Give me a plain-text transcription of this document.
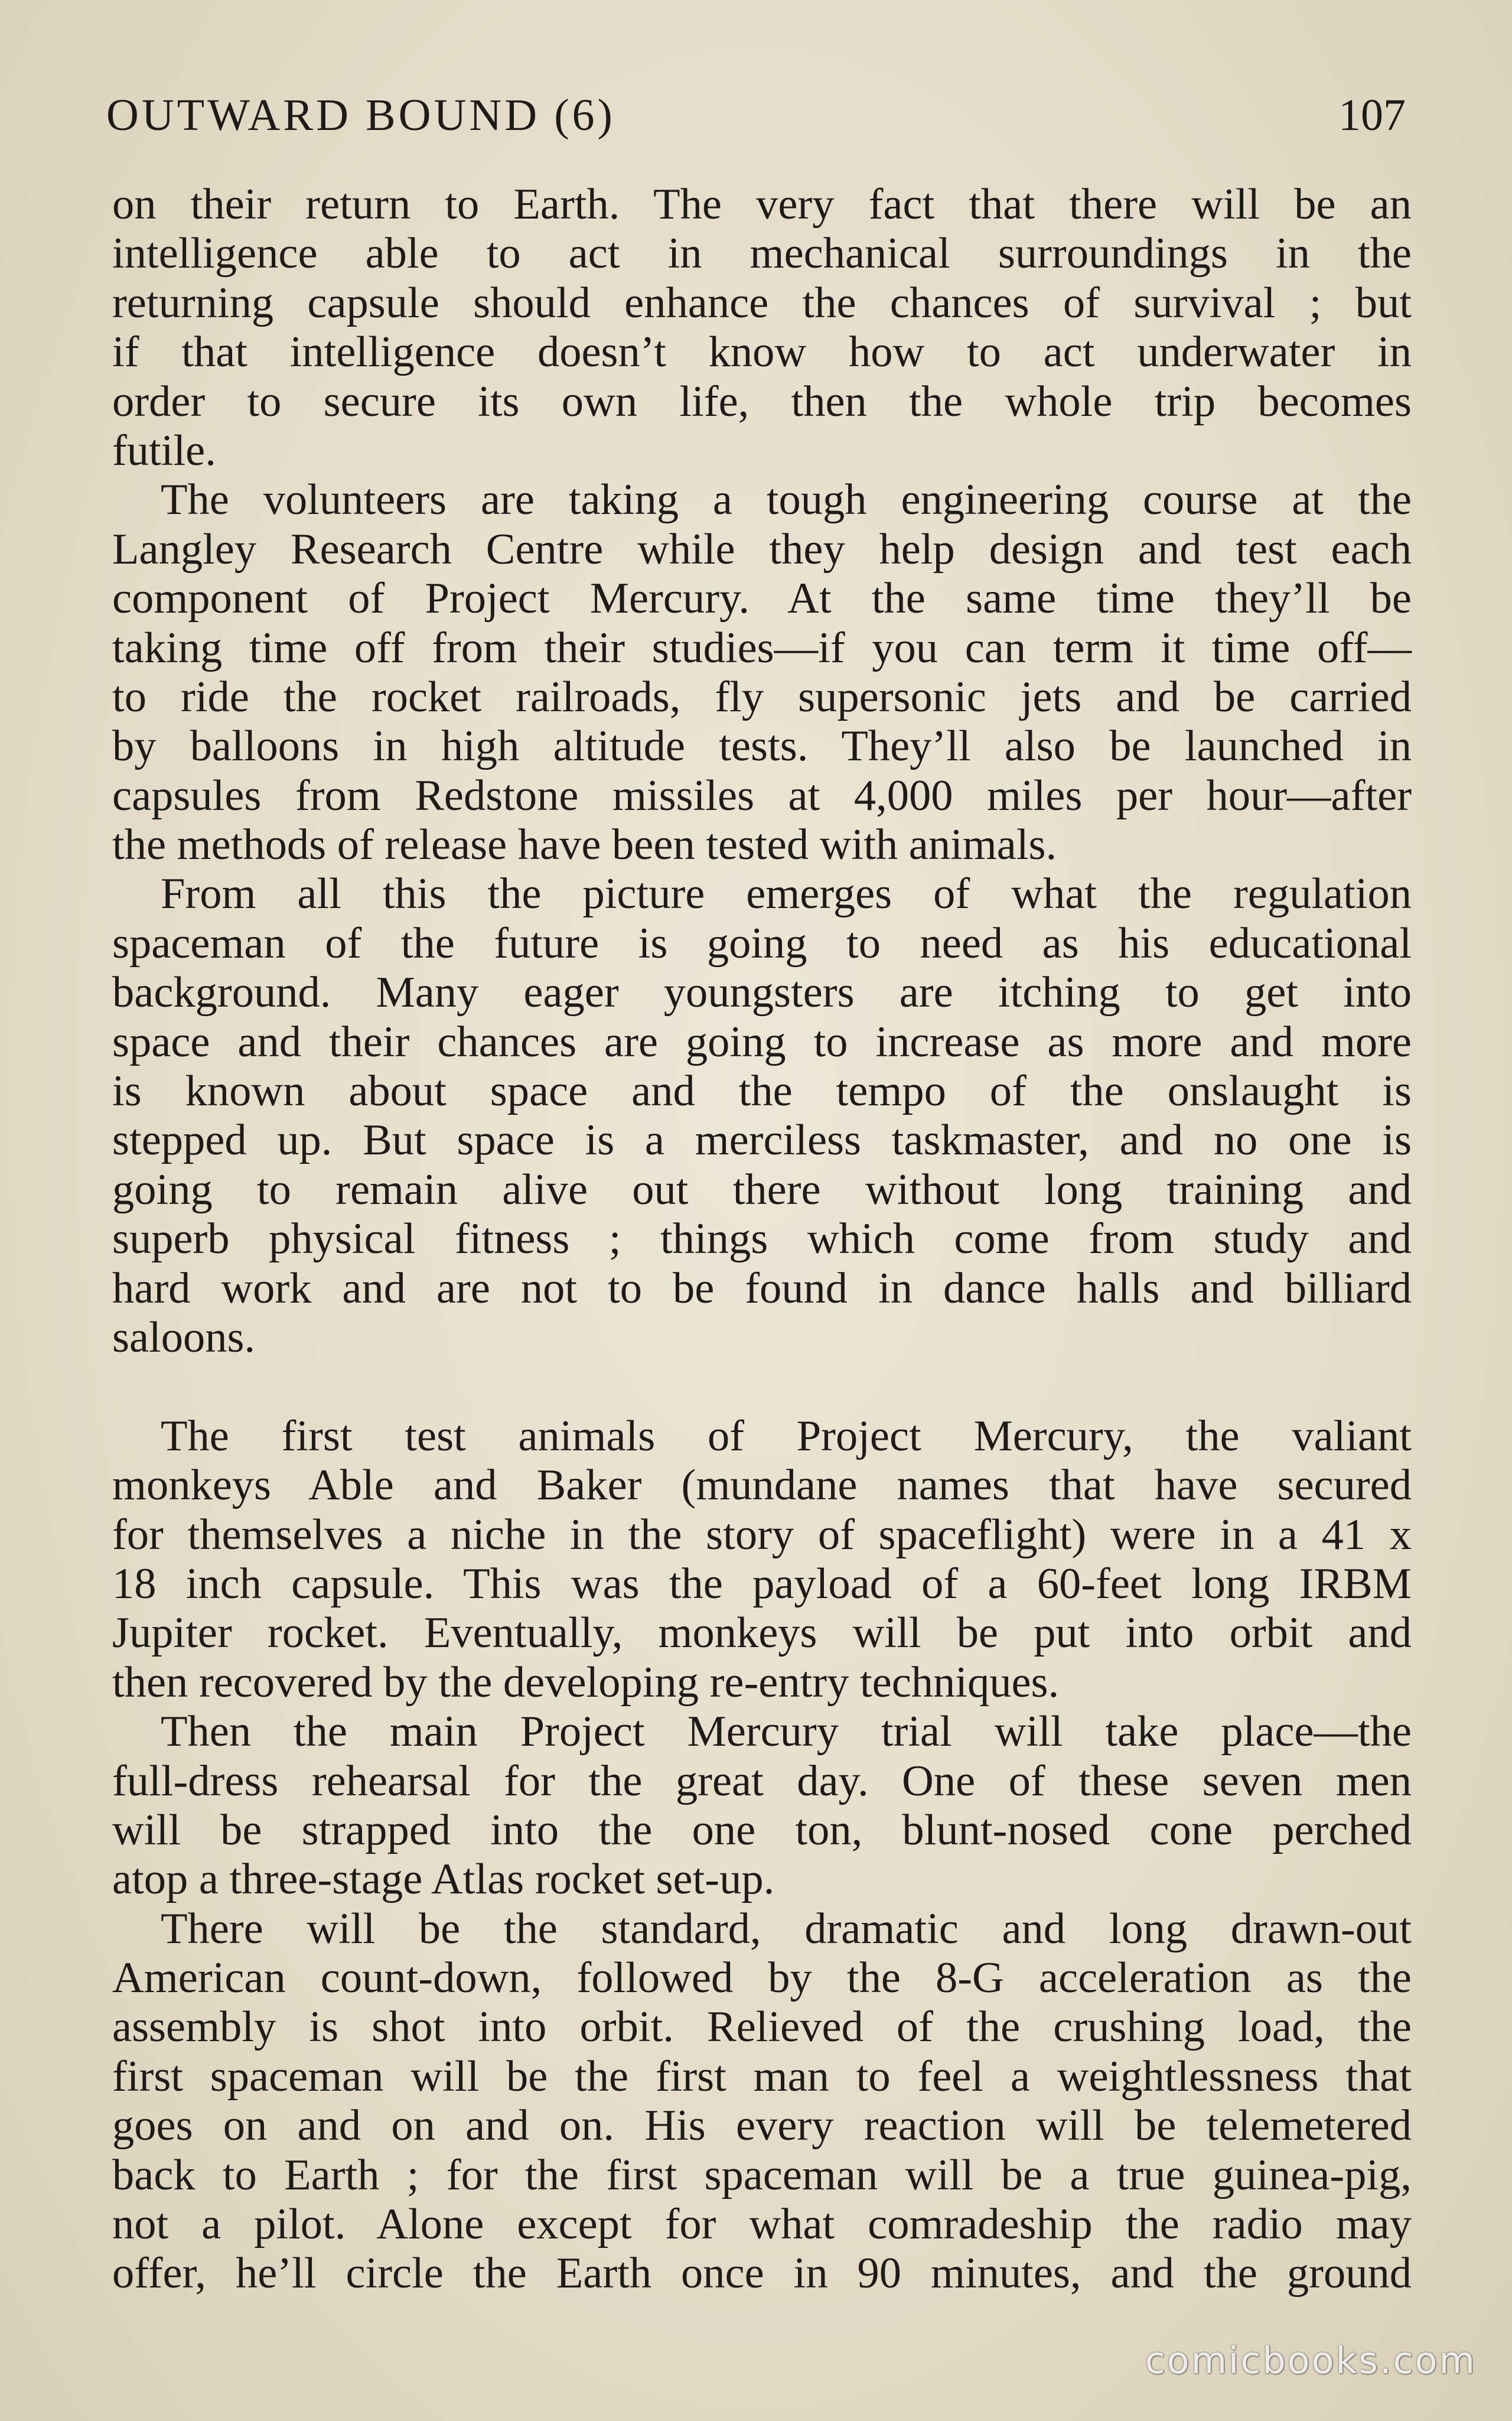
OUTWARD BOUND (6)	107
on their return to Earth. The very fact that there will be an
intelligence able to act in mechanical surroundings in the
returning capsule should enhance the chances of survival ; but
if that intelligence doesn’t know how to act underwater in
order to secure its own life, then the whole trip becomes
futile.
The volunteers are taking a tough engineering course at the
Langley Research Centre while they help design and test each
component of Project Mercury. At the same time they’ll be
taking time off from their studies—if you can term it time off—
to ride the rocket railroads, fly supersonic jets and be carried
by balloons in high altitude tests. They’ll also be launched in
capsules from Redstone missiles at 4,000 miles per hour—after
the methods of release have been tested with animals.
From all this the picture emerges of what the regulation
spaceman of the future is going to need as his educational
background. Many eager youngsters are itching to get into
space and their chances are going to increase as more and more
is known about space and the tempo of the onslaught is
stepped up. But space is a merciless taskmaster, and no one is
going to remain alive out there without long training and
superb physical fitness ; things which come from study and
hard work and are not to be found in dance halls and billiard
saloons.
The first test animals of Project Mercury, the valiant
monkeys Able and Baker (mundane names that have secured
for themselves a niche in the story of spaceflight) were in a 41 x
18 inch capsule. This was the payload of a 60-feet long IRBM
Jupiter rocket. Eventually, monkeys will be put into orbit and
then recovered by the developing re-entry techniques.
Then the main Project Mercury trial will take place—the
full-dress rehearsal for the great day. One of these seven men
will be strapped into the one ton, blunt-nosed cone perched
atop a three-stage Atlas rocket set-up.
There will be the standard, dramatic and long drawn-out
American count-down, followed by the 8-G acceleration as the
assembly is shot into orbit. Relieved of the crushing load, the
first spaceman will be the first man to feel a weightlessness that
goes on and on and on. His every reaction will be telemetered
back to Earth ; for the first spaceman will be a true guinea-pig,
not a pilot. Alone except for what comradeship the radio may
offer, he’ll circle the Earth once in 90 minutes, and the ground
comicbooks.com
